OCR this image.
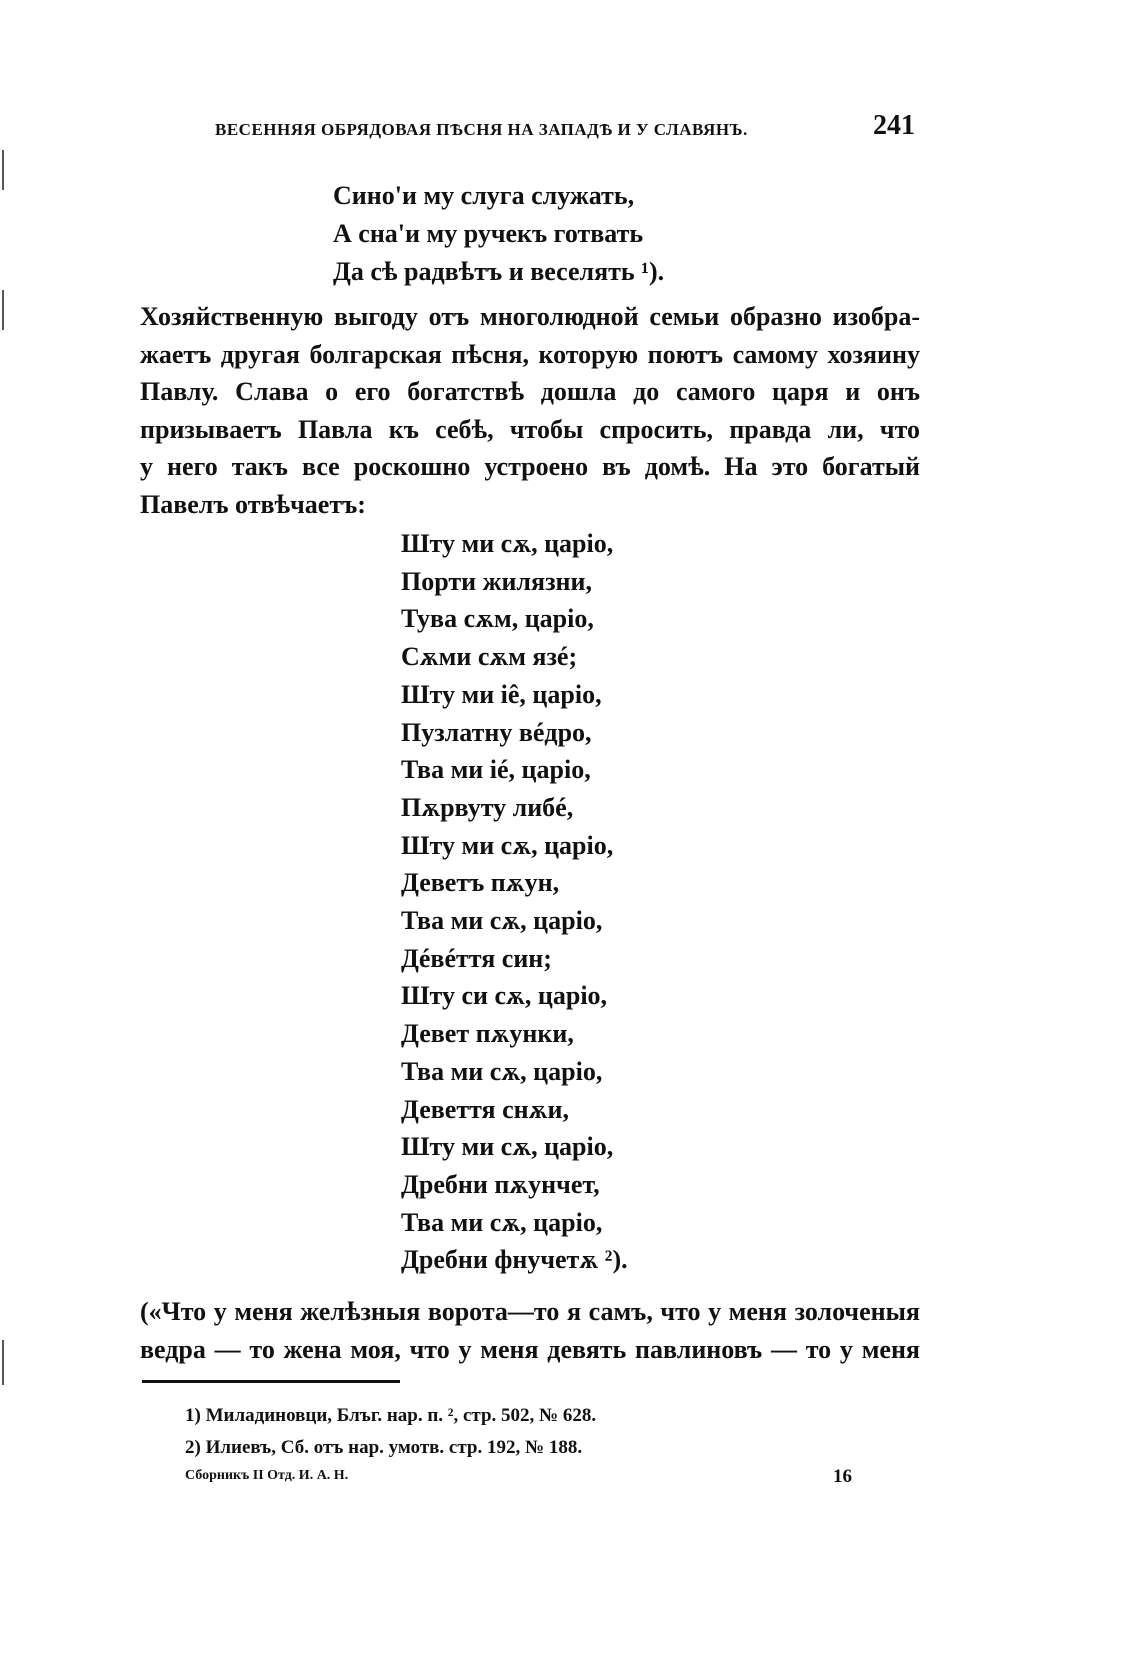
ВЕСЕННЯЯ ОБРЯДОВАЯ ПѢСНЯ НА ЗАПАДѢ И У СЛАВЯНЪ.	241
Сино'и му слуга служать,
А сна'и му ручекъ готвать
Да сѣ радвѣтъ и веселять ¹).
Хозяйственную выгоду отъ многолюдной семьи образно изобра-
жаетъ другая болгарская пѣсня, которую поютъ самому хозяину
Павлу. Слава о его богатствѣ дошла до самого царя и онъ
призываетъ Павла къ себѣ, чтобы спросить, правда ли, что
у него такъ все роскошно устроено въ домѣ. На это богатый
Павелъ отвѣчаетъ:
Шту ми сѫ, царіо,
Порти жилязни,
Тува сѫм, царіо,
Сѫми сѫм язé;
Шту ми іê, царіо,
Пузлатну вéдро,
Тва ми іé, царіо,
Пѫрвуту либé,
Шту ми сѫ, царіо,
Деветъ пѫун,
Тва ми сѫ, царіо,
Дéвéття син;
Шту си сѫ, царіо,
Девет пѫунки,
Тва ми сѫ, царіо,
Девеття снѫи,
Шту ми сѫ, царіо,
Дребни пѫунчет,
Тва ми сѫ, царіо,
Дребни фнучетѫ ²).
(«Что у меня желѣзныя ворота—то я самъ, что у меня золоченыя
ведра — то жена моя, что у меня девять павлиновъ — то у меня
1) Миладиновци, Блъг. нар. п. ², стр. 502, № 628.
2) Илиевъ, Сб. отъ нар. умотв. стр. 192, № 188.
Сборникъ II Отд. И. А. Н.	16
